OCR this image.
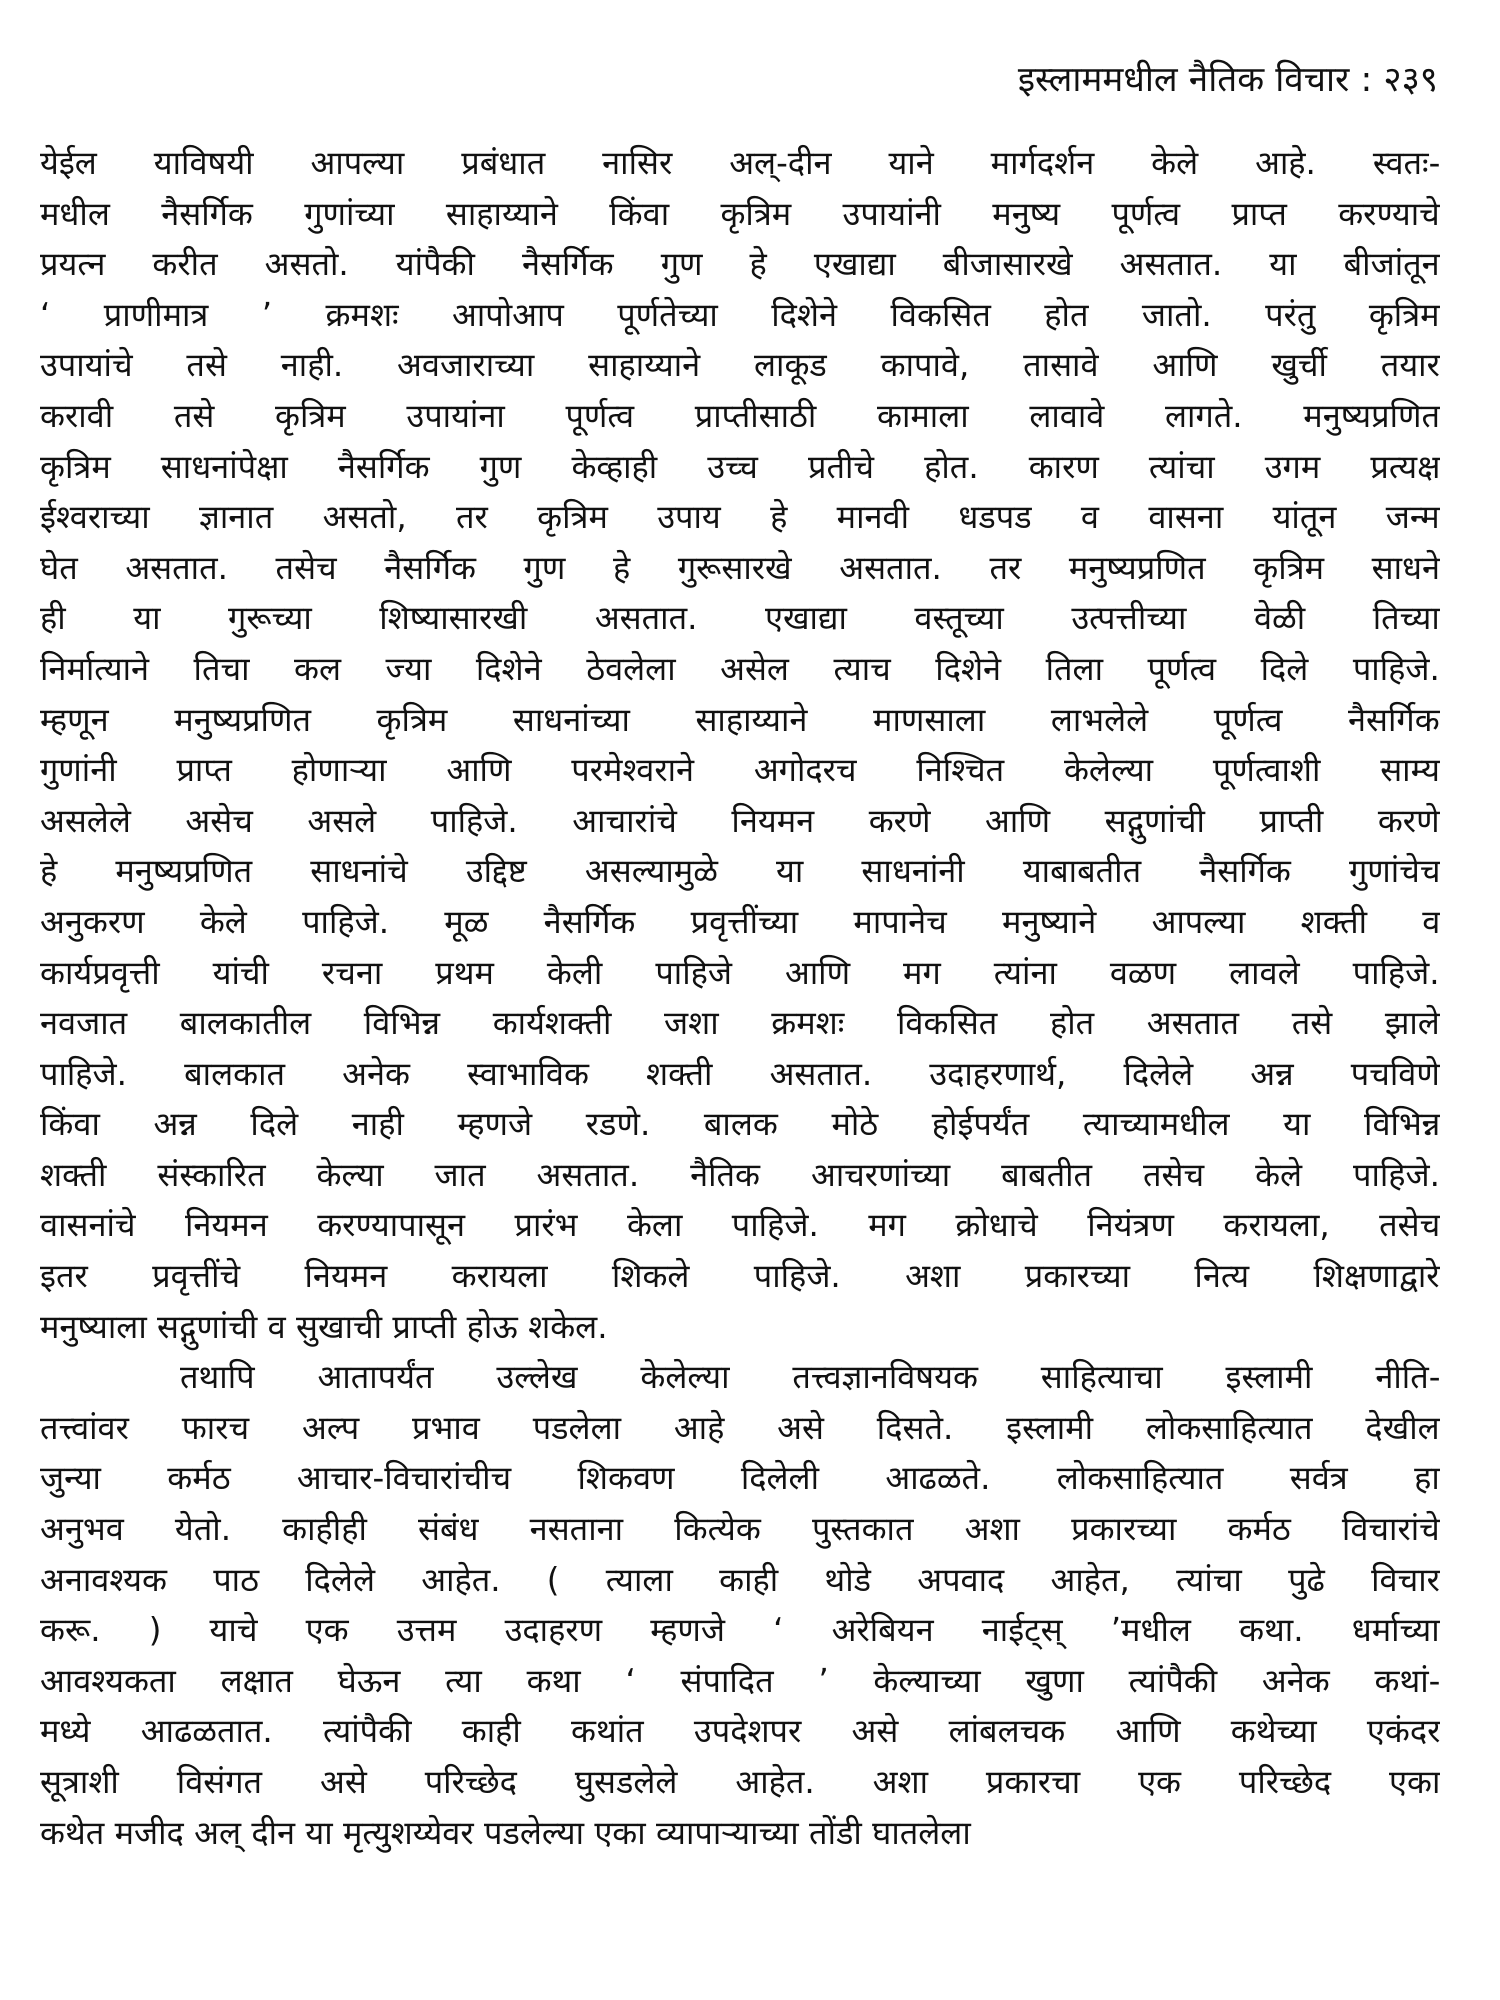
इस्लाममधील नैतिक विचार : २३९
येईल याविषयी आपल्या प्रबंधात नासिर अल्-दीन याने मार्गदर्शन केले आहे. स्वतः-
मधील नैसर्गिक गुणांच्या साहाय्याने किंवा कृत्रिम उपायांनी मनुष्य पूर्णत्व प्राप्त करण्याचे
प्रयत्न करीत असतो. यांपैकी नैसर्गिक गुण हे एखाद्या बीजासारखे असतात. या बीजांतून
‘ प्राणीमात्र ’ क्रमशः आपोआप पूर्णतेच्या दिशेने विकसित होत जातो. परंतु कृत्रिम
उपायांचे तसे नाही. अवजाराच्या साहाय्याने लाकूड कापावे, तासावे आणि खुर्ची तयार
करावी तसे कृत्रिम उपायांना पूर्णत्व प्राप्तीसाठी कामाला लावावे लागते. मनुष्यप्रणित
कृत्रिम साधनांपेक्षा नैसर्गिक गुण केव्हाही उच्च प्रतीचे होत. कारण त्यांचा उगम प्रत्यक्ष
ईश्वराच्या ज्ञानात असतो, तर कृत्रिम उपाय हे मानवी धडपड व वासना यांतून जन्म
घेत असतात. तसेच नैसर्गिक गुण हे गुरूसारखे असतात. तर मनुष्यप्रणित कृत्रिम साधने
ही या गुरूच्या शिष्यासारखी असतात. एखाद्या वस्तूच्या उत्पत्तीच्या वेळी तिच्या
निर्मात्याने तिचा कल ज्या दिशेने ठेवलेला असेल त्याच दिशेने तिला पूर्णत्व दिले पाहिजे.
म्हणून मनुष्यप्रणित कृत्रिम साधनांच्या साहाय्याने माणसाला लाभलेले पूर्णत्व नैसर्गिक
गुणांनी प्राप्त होणाऱ्या आणि परमेश्वराने अगोदरच निश्चित केलेल्या पूर्णत्वाशी साम्य
असलेले असेच असले पाहिजे. आचारांचे नियमन करणे आणि सद्गुणांची प्राप्ती करणे
हे मनुष्यप्रणित साधनांचे उद्दिष्ट असल्यामुळे या साधनांनी याबाबतीत नैसर्गिक गुणांचेच
अनुकरण केले पाहिजे. मूळ नैसर्गिक प्रवृत्तींच्या मापानेच मनुष्याने आपल्या शक्ती व
कार्यप्रवृत्ती यांची रचना प्रथम केली पाहिजे आणि मग त्यांना वळण लावले पाहिजे.
नवजात बालकातील विभिन्न कार्यशक्ती जशा क्रमशः विकसित होत असतात तसे झाले
पाहिजे. बालकात अनेक स्वाभाविक शक्ती असतात. उदाहरणार्थ, दिलेले अन्न पचविणे
किंवा अन्न दिले नाही म्हणजे रडणे. बालक मोठे होईपर्यंत त्याच्यामधील या विभिन्न
शक्ती संस्कारित केल्या जात असतात. नैतिक आचरणांच्या बाबतीत तसेच केले पाहिजे.
वासनांचे नियमन करण्यापासून प्रारंभ केला पाहिजे. मग क्रोधाचे नियंत्रण करायला, तसेच
इतर प्रवृत्तींचे नियमन करायला शिकले पाहिजे. अशा प्रकारच्या नित्य शिक्षणाद्वारे
मनुष्याला सद्गुणांची व सुखाची प्राप्ती होऊ शकेल.
तथापि आतापर्यंत उल्लेख केलेल्या तत्त्वज्ञानविषयक साहित्याचा इस्लामी नीति-
तत्त्वांवर फारच अल्प प्रभाव पडलेला आहे असे दिसते. इस्लामी लोकसाहित्यात देखील
जुन्या कर्मठ आचार-विचारांचीच शिकवण दिलेली आढळते. लोकसाहित्यात सर्वत्र हा
अनुभव येतो. काहीही संबंध नसताना कित्येक पुस्तकात अशा प्रकारच्या कर्मठ विचारांचे
अनावश्यक पाठ दिलेले आहेत. ( त्याला काही थोडे अपवाद आहेत, त्यांचा पुढे विचार
करू. ) याचे एक उत्तम उदाहरण म्हणजे ‘ अरेबियन नाईट्स् ’मधील कथा. धर्माच्या
आवश्यकता लक्षात घेऊन त्या कथा ‘ संपादित ’ केल्याच्या खुणा त्यांपैकी अनेक कथां-
मध्ये आढळतात. त्यांपैकी काही कथांत उपदेशपर असे लांबलचक आणि कथेच्या एकंदर
सूत्राशी विसंगत असे परिच्छेद घुसडलेले आहेत. अशा प्रकारचा एक परिच्छेद एका
कथेत मजीद अल् दीन या मृत्युशय्येवर पडलेल्या एका व्यापाऱ्याच्या तोंडी घातलेला
